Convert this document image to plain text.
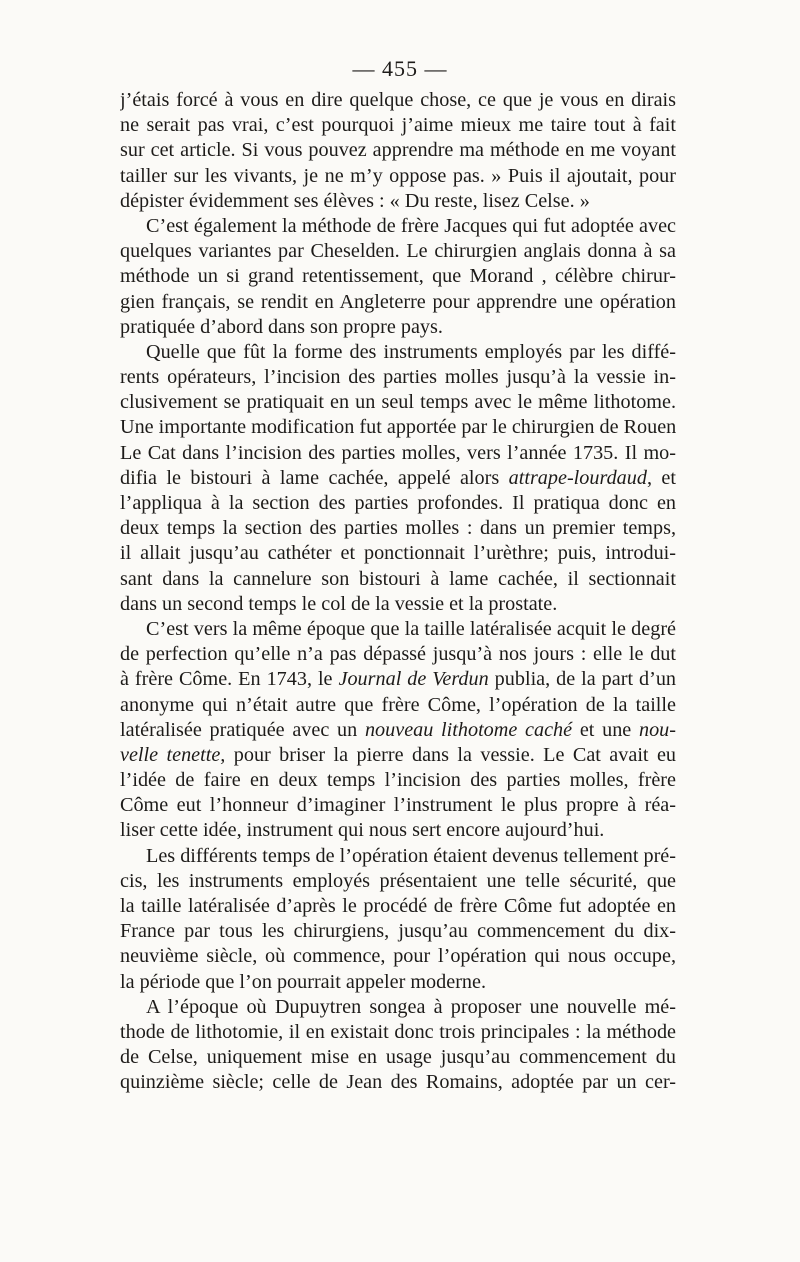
— 455 —
j’étais forcé à vous en dire quelque chose, ce que je vous en dirais
ne serait pas vrai, c’est pourquoi j’aime mieux me taire tout à fait
sur cet article. Si vous pouvez apprendre ma méthode en me voyant
tailler sur les vivants, je ne m’y oppose pas. » Puis il ajoutait, pour
dépister évidemment ses élèves : « Du reste, lisez Celse. »
C’est également la méthode de frère Jacques qui fut adoptée avec
quelques variantes par Cheselden. Le chirurgien anglais donna à sa
méthode un si grand retentissement, que Morand , célèbre chirur-
gien français, se rendit en Angleterre pour apprendre une opération
pratiquée d’abord dans son propre pays.
Quelle que fût la forme des instruments employés par les diffé-
rents opérateurs, l’incision des parties molles jusqu’à la vessie in-
clusivement se pratiquait en un seul temps avec le même lithotome.
Une importante modification fut apportée par le chirurgien de Rouen
Le Cat dans l’incision des parties molles, vers l’année 1735. Il mo-
difia le bistouri à lame cachée, appelé alors attrape-lourdaud, et
l’appliqua à la section des parties profondes. Il pratiqua donc en
deux temps la section des parties molles : dans un premier temps,
il allait jusqu’au cathéter et ponctionnait l’urèthre; puis, introdui-
sant dans la cannelure son bistouri à lame cachée, il sectionnait
dans un second temps le col de la vessie et la prostate.
C’est vers la même époque que la taille latéralisée acquit le degré
de perfection qu’elle n’a pas dépassé jusqu’à nos jours : elle le dut
à frère Côme. En 1743, le Journal de Verdun publia, de la part d’un
anonyme qui n’était autre que frère Côme, l’opération de la taille
latéralisée pratiquée avec un nouveau lithotome caché et une nou-
velle tenette, pour briser la pierre dans la vessie. Le Cat avait eu
l’idée de faire en deux temps l’incision des parties molles, frère
Côme eut l’honneur d’imaginer l’instrument le plus propre à réa-
liser cette idée, instrument qui nous sert encore aujourd’hui.
Les différents temps de l’opération étaient devenus tellement pré-
cis, les instruments employés présentaient une telle sécurité, que
la taille latéralisée d’après le procédé de frère Côme fut adoptée en
France par tous les chirurgiens, jusqu’au commencement du dix-
neuvième siècle, où commence, pour l’opération qui nous occupe,
la période que l’on pourrait appeler moderne.
A l’époque où Dupuytren songea à proposer une nouvelle mé-
thode de lithotomie, il en existait donc trois principales : la méthode
de Celse, uniquement mise en usage jusqu’au commencement du
quinzième siècle; celle de Jean des Romains, adoptée par un cer-
